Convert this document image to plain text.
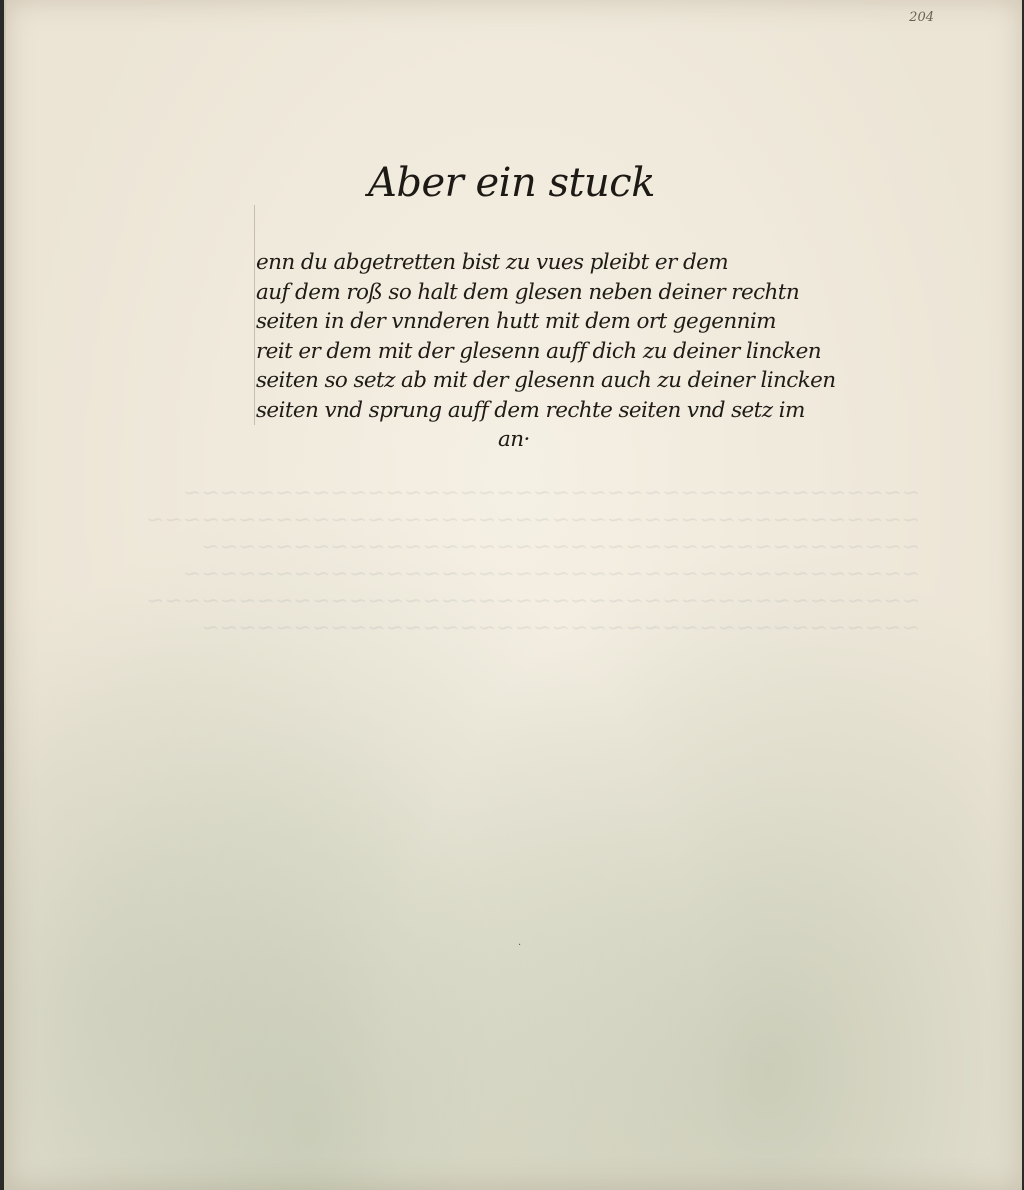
~~~~~~~~~~~~~~~~~~~~~~~~~~~~~~~~~~~~~~~~
~~~~~~~~~~~~~~~~~~~~~~~~~~~~~~~~~~~~~~~~~~
~~~~~~~~~~~~~~~~~~~~~~~~~~~~~~~~~~~~~~~
~~~~~~~~~~~~~~~~~~~~~~~~~~~~~~~~~~~~~~~~
~~~~~~~~~~~~~~~~~~~~~~~~~~~~~~~~~~~~~~~~~~
~~~~~~~~~~~~~~~~~~~~~~~~~~~~~~~~~~~~~~~
204
Aber ein stuck
enn du abgetretten bist zu vues pleibt er dem
auf dem roß so halt dem glesen neben deiner rechtn
seiten in der vnnderen hutt mit dem ort gegennim
reit er dem mit der glesenn auff dich zu deiner lincken
seiten so setz ab mit der glesenn auch zu deiner lincken
seiten vnd sprung auff dem rechte seiten vnd setz im
an·
·
